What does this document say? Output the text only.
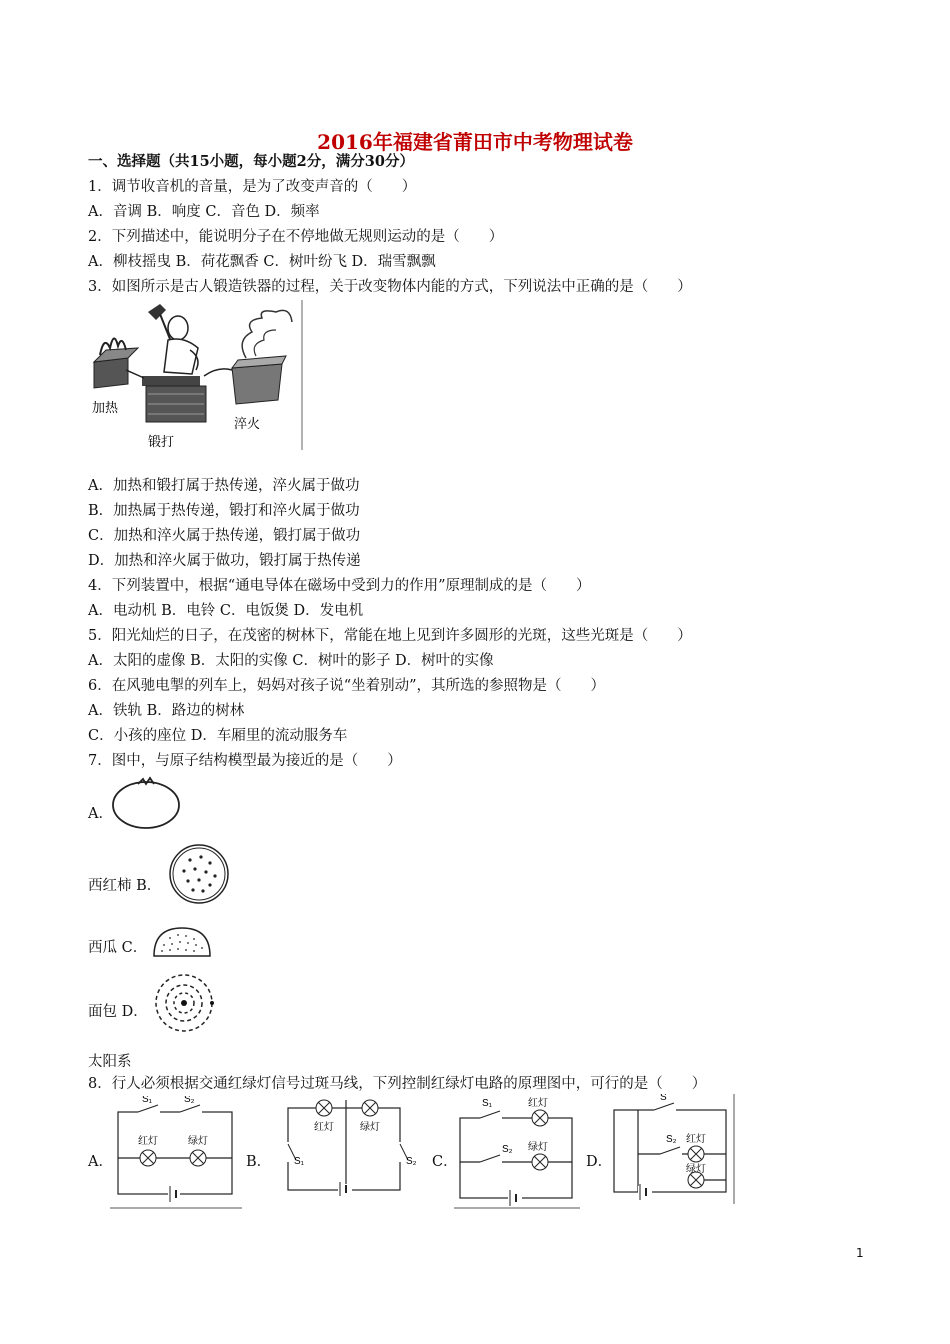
2016年福建省莆田市中考物理试卷
一、选择题（共15小题，每小题2分，满分30分）
1．调节收音机的音量，是为了改变声音的（　　）
A．音调 B．响度 C．音色 D．频率
2．下列描述中，能说明分子在不停地做无规则运动的是（　　）
A．柳枝摇曳 B．荷花飘香 C．树叶纷飞 D．瑞雪飘飘
3．如图所示是古人锻造铁器的过程，关于改变物体内能的方式，下列说法中正确的是（　　）
加热
锻打
淬火
A．加热和锻打属于热传递，淬火属于做功
B．加热属于热传递，锻打和淬火属于做功
C．加热和淬火属于热传递，锻打属于做功
D．加热和淬火属于做功，锻打属于热传递
4．下列装置中，根据“通电导体在磁场中受到力的作用”原理制成的是（　　）
A．电动机 B．电铃 C．电饭煲 D．发电机
5．阳光灿烂的日子，在茂密的树林下，常能在地上见到许多圆形的光斑，这些光斑是（　　）
A．太阳的虚像 B．太阳的实像 C．树叶的影子 D．树叶的实像
6．在风驰电掣的列车上，妈妈对孩子说“坐着别动”，其所选的参照物是（　　）
A．铁轨 B．路边的树林
C．小孩的座位 D．车厢里的流动服务车
7．图中，与原子结构模型最为接近的是（　　）
A．
西红柿 B．
西瓜 C．
面包 D．
太阳系
8．行人必须根据交通红绿灯信号过斑马线，下列控制红绿灯电路的原理图中，可行的是（　　）
A．
S₁	S₂
红灯	绿灯
B．
红灯	绿灯
S₁	S₂ C．
S₁	红灯
S₂ 绿灯
D．
S
S₂ 红灯
绿灯
1
